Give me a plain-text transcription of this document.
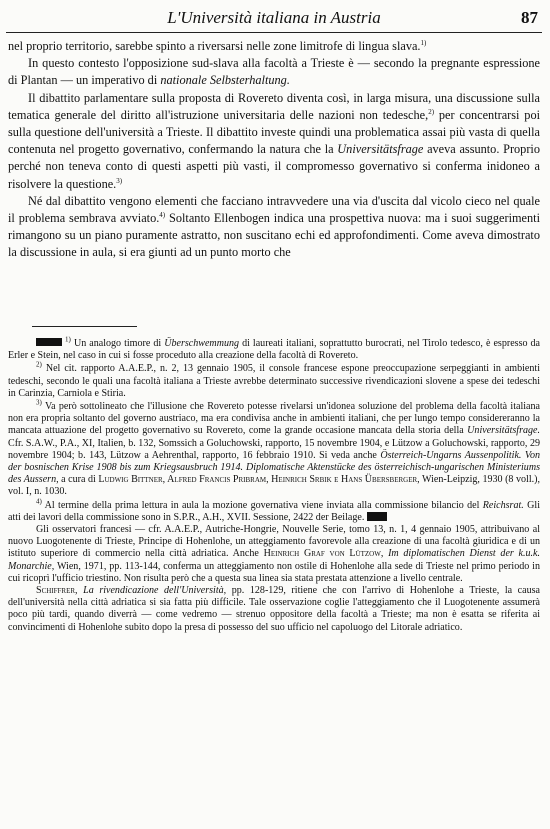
L'Università italiana in Austria	87

nel proprio territorio, sarebbe spinto a riversarsi nelle zone limitrofe di lingua slava.$^{1)}$

In questo contesto l'opposizione sud-slava alla facoltà a Trieste è — secondo la pregnante espressione di Plantan — un imperativo di nationale Selbsterhaltung.

Il dibattito parlamentare sulla proposta di Rovereto diventa così, in larga misura, una discussione sulla tematica generale del diritto all'istruzione universitaria delle nazioni non tedesche,$^{2)}$ per concentrarsi poi sulla questione dell'università a Trieste. Il dibattito investe quindi una problematica assai più vasta di quella contenuta nel progetto governativo, confermando la natura che la Universitätsfrage aveva assunto. Proprio perché non teneva conto di questi aspetti più vasti, il compromesso governativo si conferma inidoneo a risolvere la questione.$^{3)}$

Né dal dibattito vengono elementi che facciano intravvedere una via d'uscita dal vicolo cieco nel quale il problema sembrava avviato.$^{4)}$ Soltanto Ellenbogen indica una prospettiva nuova: ma i suoi suggerimenti rimangono su un piano puramente astratto, non suscitano echi ed approfondimenti. Come aveva dimostrato la discussione in aula, si era giunti ad un punto morto che

$^{1)}$ Un analogo timore di Überschwemmung di laureati italiani, soprattutto burocrati, nel Tirolo tedesco, è espresso da Erler e Stein, nel caso in cui si fosse proceduto alla creazione della facoltà di Rovereto.

$^{2)}$ Nel cit. rapporto A.A.E.P., n. 2, 13 gennaio 1905, il console francese espone preoccupazione serpeggianti in ambienti tedeschi, secondo le quali una facoltà italiana a Trieste avrebbe determinato successive rivendicazioni slovene a spese dei tedeschi in Carinzia, Carniola e Stiria.

$^{3)}$ Va però sottolineato che l'illusione che Rovereto potesse rivelarsi un'idonea soluzione del problema della facoltà italiana non era propria soltanto del governo austriaco, ma era condivisa anche in ambienti italiani, che per lungo tempo considereranno la mancata attuazione del progetto governativo su Rovereto, come la grande occasione mancata della storia della Universitätsfrage. Cfr. S.A.W., P.A., XI, Italien, b. 132, Somssich a Goluchowski, rapporto, 15 novembre 1904, e Lützow a Goluchowski, rapporto, 29 novembre 1904; b. 143, Lützow a Aehrenthal, rapporto, 16 febbraio 1910. Si veda anche Österreich-Ungarns Aussenpolitik. Von der bosnischen Krise 1908 bis zum Kriegsausbruch 1914. Diplomatische Aktenstücke des österreichisch-ungarischen Ministeriums des Aussern, a cura di Ludwig Bittner, Alfred Francis Pribram, Heinrich Srbik e Hans Übersberger, Wien-Leipzig, 1930 (8 voll.), vol. I, n. 1030.

$^{4)}$ Al termine della prima lettura in aula la mozione governativa viene inviata alla commissione bilancio del Reichsrat. Gli atti dei lavori della commissione sono in S.P.R., A.H., XVII. Sessione, 2422 der Beilage.

Gli osservatori francesi — cfr. A.A.E.P., Autriche-Hongrie, Nouvelle Serie, tomo 13, n. 1, 4 gennaio 1905, attribuivano al nuovo Luogotenente di Trieste, Principe di Hohenlohe, un atteggiamento favorevole alla creazione di una facoltà giuridica e di un istituto superiore di commercio nella città adriatica. Anche Heinrich Graf von Lützow, Im diplomatischen Dienst der k.u.k. Monarchie, Wien, 1971, pp. 113-144, conferma un atteggiamento non ostile di Hohenlohe alla sede di Trieste nel primo periodo in cui ricoprì l'ufficio triestino. Non risulta però che a questa sua linea sia stata prestata attenzione a livello centrale.

Schiffrer, La rivendicazione dell'Università, pp. 128-129, ritiene che con l'arrivo di Hohenlohe a Trieste, la causa dell'università nella città adriatica si sia fatta più difficile. Tale osservazione coglie l'atteggiamento che il Luogotenente assumerà poco più tardi, quando diverrà — come vedremo — strenuo oppositore della facoltà a Trieste; ma non è esatta se riferita ai convincimenti di Hohenlohe subito dopo la presa di possesso del suo ufficio nel capoluogo del Litorale adriatico.
